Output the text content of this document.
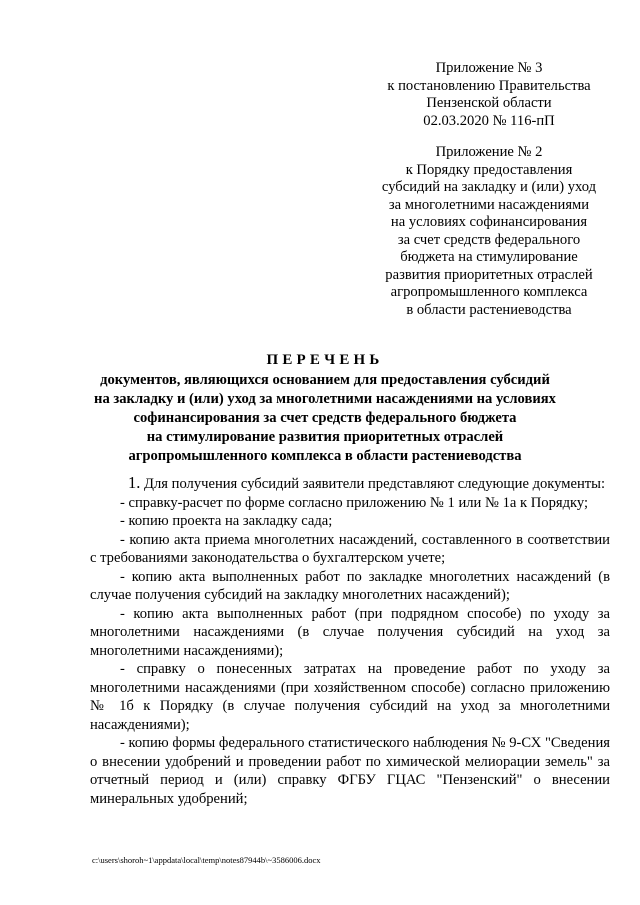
Приложение № 3
к постановлению Правительства
Пензенской области
02.03.2020 № 116-пП
Приложение № 2
к Порядку предоставления
субсидий на закладку и (или) уход
за многолетними насаждениями
на условиях софинансирования
за счет средств федерального
бюджета на стимулирование
развития приоритетных отраслей
агропромышленного комплекса
в области растениеводства
ПЕРЕЧЕНЬ
документов, являющихся основанием для предоставления субсидий
на закладку и (или) уход за многолетними насаждениями на условиях
софинансирования за счет средств федерального бюджета
на стимулирование развития приоритетных отраслей
агропромышленного комплекса в области растениеводства
1. Для получения субсидий заявители представляют следующие документы:
- справку-расчет по форме согласно приложению № 1 или № 1а к Порядку;
- копию проекта на закладку сада;
- копию акта приема многолетних насаждений, составленного в соответствии с требованиями законодательства о бухгалтерском учете;
- копию акта выполненных работ по закладке многолетних насаждений (в случае получения субсидий на закладку многолетних насаждений);
- копию акта выполненных работ (при подрядном способе) по уходу за многолетними насаждениями (в случае получения субсидий на уход за многолетними насаждениями);
- справку о понесенных затратах на проведение работ по уходу за многолетними насаждениями (при хозяйственном способе) согласно приложению № 1б к Порядку (в случае получения субсидий на уход за многолетними насаждениями);
- копию формы федерального статистического наблюдения № 9-СХ "Сведения о внесении удобрений и проведении работ по химической мелиорации земель" за отчетный период и (или) справку ФГБУ ГЦАС "Пензенский" о внесении минеральных удобрений;
c:\users\shoroh~1\appdata\local\temp\notes87944b\~3586006.docx
